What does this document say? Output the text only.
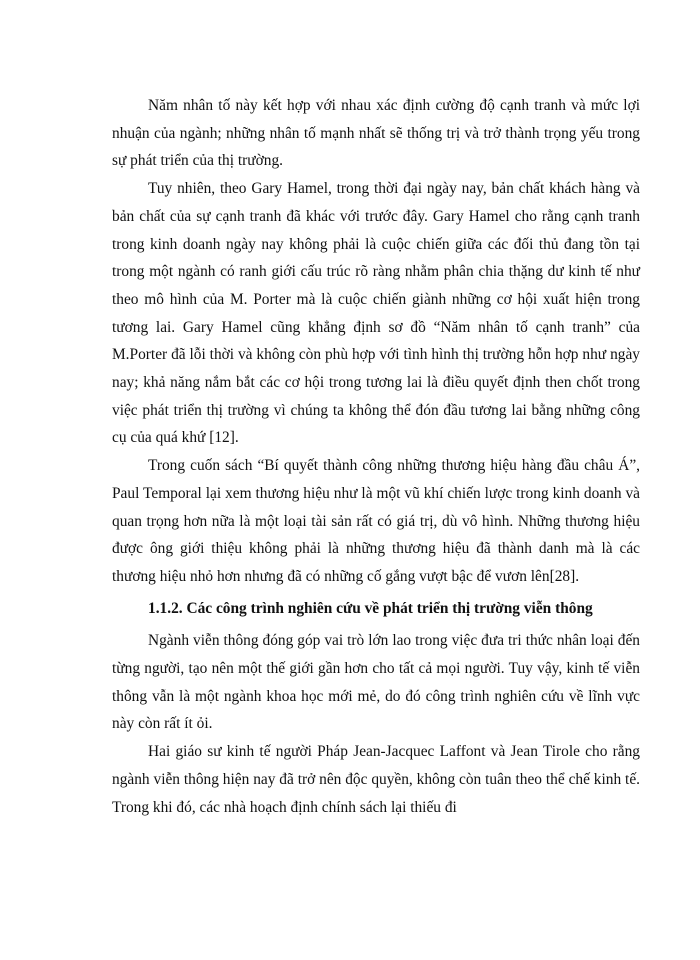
Năm nhân tố này kết hợp với nhau xác định cường độ cạnh tranh và mức lợi nhuận của ngành; những nhân tố mạnh nhất sẽ thống trị và trở thành trọng yếu trong sự phát triển của thị trường.

Tuy nhiên, theo Gary Hamel, trong thời đại ngày nay, bản chất khách hàng và bản chất của sự cạnh tranh đã khác với trước đây. Gary Hamel cho rằng cạnh tranh trong kinh doanh ngày nay không phải là cuộc chiến giữa các đối thủ đang tồn tại trong một ngành có ranh giới cấu trúc rõ ràng nhằm phân chia thặng dư kinh tế như theo mô hình của M. Porter mà là cuộc chiến giành những cơ hội xuất hiện trong tương lai. Gary Hamel cũng khẳng định sơ đồ “Năm nhân tố cạnh tranh” của M.Porter đã lỗi thời và không còn phù hợp với tình hình thị trường hỗn hợp như ngày nay; khả năng nắm bắt các cơ hội trong tương lai là điều quyết định then chốt trong việc phát triển thị trường vì chúng ta không thể đón đầu tương lai bằng những công cụ của quá khứ [12].

Trong cuốn sách “Bí quyết thành công những thương hiệu hàng đầu châu Á”, Paul Temporal lại xem thương hiệu như là một vũ khí chiến lược trong kinh doanh và quan trọng hơn nữa là một loại tài sản rất có giá trị, dù vô hình. Những thương hiệu được ông giới thiệu không phải là những thương hiệu đã thành danh mà là các thương hiệu nhỏ hơn nhưng đã có những cố gắng vượt bậc để vươn lên[28].

1.1.2. Các công trình nghiên cứu về phát triển thị trường viễn thông

Ngành viễn thông đóng góp vai trò lớn lao trong việc đưa tri thức nhân loại đến từng người, tạo nên một thế giới gần hơn cho tất cả mọi người. Tuy vậy, kinh tế viễn thông vẫn là một ngành khoa học mới mẻ, do đó công trình nghiên cứu về lĩnh vực này còn rất ít ỏi.

Hai giáo sư kinh tế người Pháp Jean-Jacquec Laffont và Jean Tirole cho rằng ngành viễn thông hiện nay đã trở nên độc quyền, không còn tuân theo thể chế kinh tế. Trong khi đó, các nhà hoạch định chính sách lại thiếu đi
